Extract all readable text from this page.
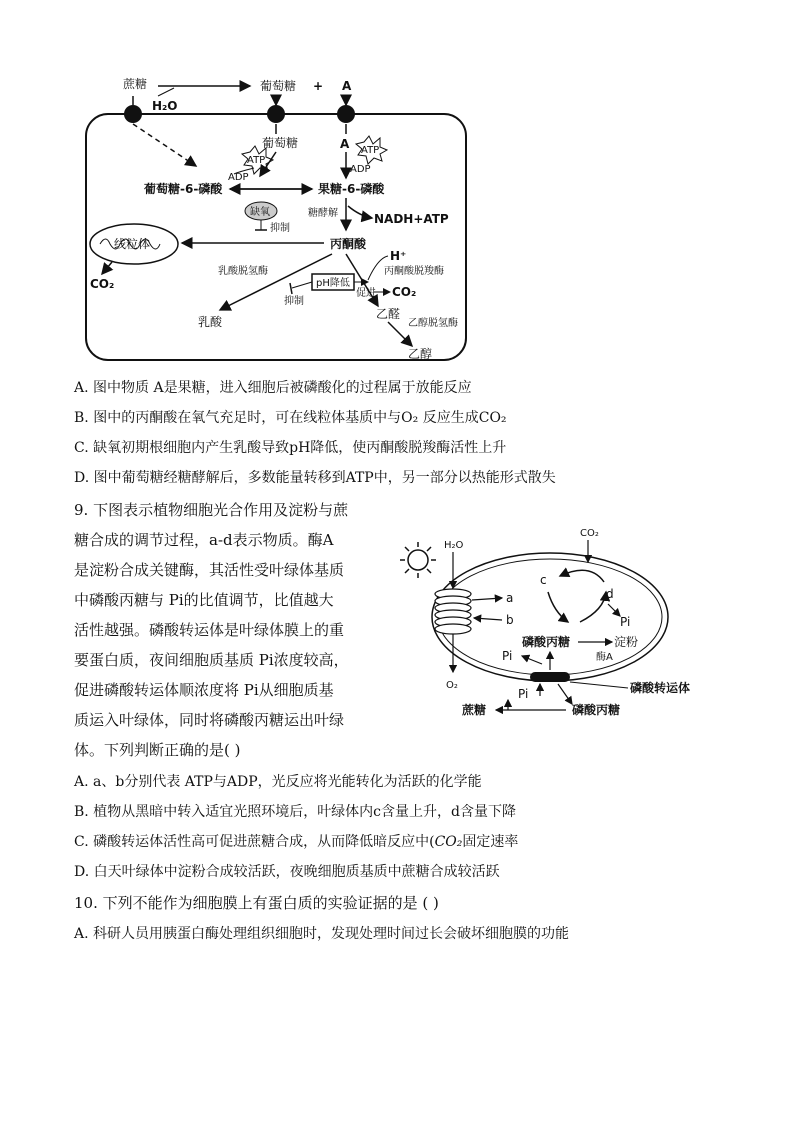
蔗糖
H₂O
葡萄糖 + A
葡萄糖
ATP
ADP
A ATP
ADP
葡萄糖-6-磷酸	果糖-6-磷酸
糖酵解	NADH+ATP
缺氧
抑制
线粒体
CO₂
丙酮酸
乳酸脱氢酶
乳酸
pH降低
抑制
促进
H⁺
丙酮酸脱羧酶
CO₂
乙醛
乙醇脱氢酶
乙醇
A. 图中物质 A是果糖，进入细胞后被磷酸化的过程属于放能反应
B. 图中的丙酮酸在氧气充足时，可在线粒体基质中与O₂ 反应生成CO₂
C. 缺氧初期根细胞内产生乳酸导致pH降低，使丙酮酸脱羧酶活性上升
D. 图中葡萄糖经糖酵解后，多数能量转移到ATP中，另一部分以热能形式散失
9. 下图表示植物细胞光合作用及淀粉与蔗
糖合成的调节过程，a-d表示物质。酶A
是淀粉合成关键酶，其活性受叶绿体基质
中磷酸丙糖与 Pi的比值调节，比值越大
活性越强。磷酸转运体是叶绿体膜上的重
要蛋白质，夜间细胞质基质 Pi浓度较高，
促进磷酸转运体顺浓度将 Pi从细胞质基
质运入叶绿体，同时将磷酸丙糖运出叶绿
体。下列判断正确的是( )
H₂O
O₂
a
b
CO₂
c
d
Pi
磷酸丙糖	淀粉
酶A
Pi
磷酸转运体
Pi
磷酸丙糖
蔗糖
A. a、b分别代表 ATP与ADP，光反应将光能转化为活跃的化学能
B. 植物从黑暗中转入适宜光照环境后，叶绿体内c含量上升，d含量下降
C. 磷酸转运体活性高可促进蔗糖合成，从而降低暗反应中(CO₂固定速率
D. 白天叶绿体中淀粉合成较活跃，夜晚细胞质基质中蔗糖合成较活跃
10. 下列不能作为细胞膜上有蛋白质的实验证据的是 ( )
A. 科研人员用胰蛋白酶处理组织细胞时，发现处理时间过长会破坏细胞膜的功能
